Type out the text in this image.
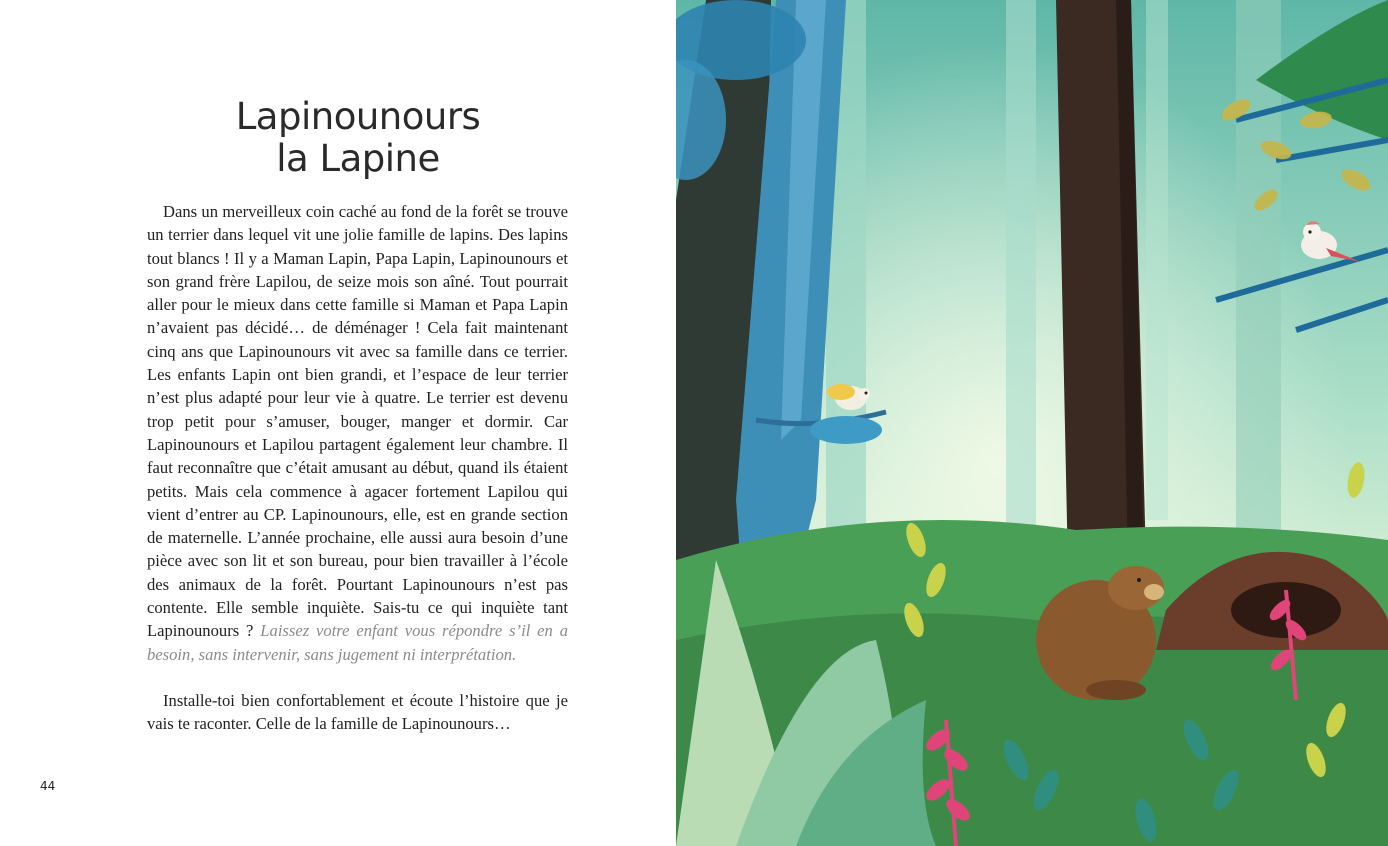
Lapinounours
la Lapine

Dans un merveilleux coin caché au fond de la forêt se trouve un terrier dans lequel vit une jolie famille de lapins. Des lapins tout blancs ! Il y a Maman Lapin, Papa Lapin, Lapinounours et son grand frère Lapilou, de seize mois son aîné. Tout pourrait aller pour le mieux dans cette famille si Maman et Papa Lapin n’avaient pas décidé… de déménager ! Cela fait maintenant cinq ans que Lapinounours vit avec sa famille dans ce terrier. Les enfants Lapin ont bien grandi, et l’espace de leur terrier n’est plus adapté pour leur vie à quatre. Le terrier est devenu trop petit pour s’amuser, bouger, manger et dormir. Car Lapinounours et Lapilou partagent également leur chambre. Il faut reconnaître que c’était amusant au début, quand ils étaient petits. Mais cela commence à agacer fortement Lapilou qui vient d’entrer au CP. Lapinounours, elle, est en grande section de maternelle. L’année prochaine, elle aussi aura besoin d’une pièce avec son lit et son bureau, pour bien travailler à l’école des animaux de la forêt. Pourtant Lapinounours n’est pas contente. Elle semble inquiète. Sais-tu ce qui inquiète tant Lapinounours ? Laissez votre enfant vous répondre s’il en a besoin, sans intervenir, sans jugement ni interprétation.

Installe-toi bien confortablement et écoute l’histoire que je vais te raconter. Celle de la famille de Lapinounours…

44
